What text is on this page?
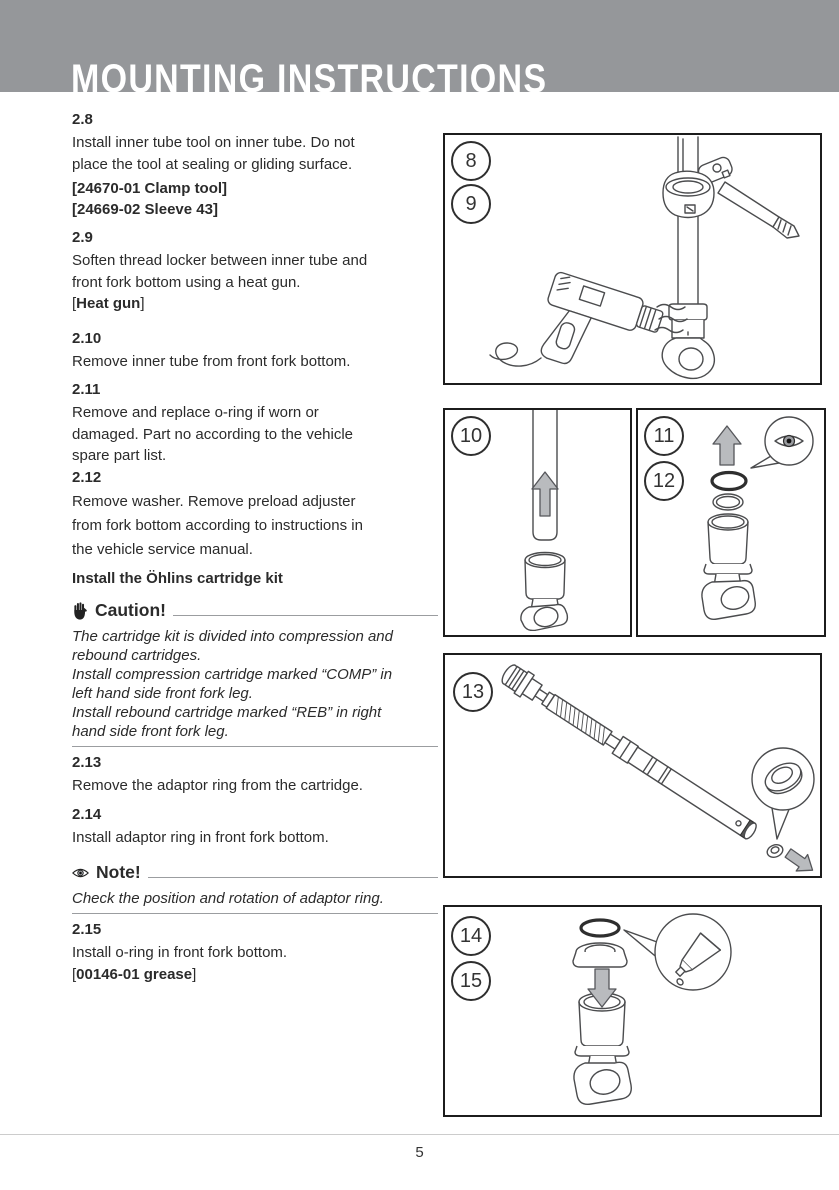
MOUNTING INSTRUCTIONS
2.8
Install inner tube tool on inner tube. Do not
place the tool at sealing or gliding surface.
[24670-01 Clamp tool]
[24669-02 Sleeve 43]
2.9
Soften thread locker between inner tube and
front fork bottom using a heat gun.
[Heat gun]
2.10
Remove inner tube from front fork bottom.
2.11
Remove and replace o-ring if worn or
damaged. Part no according to the vehicle
spare part list.
2.12
Remove washer. Remove preload adjuster
from fork bottom according to instructions in
the vehicle service manual.
Install the Öhlins cartridge kit
Caution!
The cartridge kit is divided into compression and
rebound cartridges.
Install compression cartridge marked “COMP” in
left hand side front fork leg.
Install rebound cartridge marked “REB” in right
hand side front fork leg.
2.13
Remove the adaptor ring from the cartridge.
2.14
Install adaptor ring in front fork bottom.
Note!
Check the position and rotation of adaptor ring.
2.15
Install o-ring in front fork bottom.
[00146-01 grease]
8
9
10	11
12
13
14
15
5
